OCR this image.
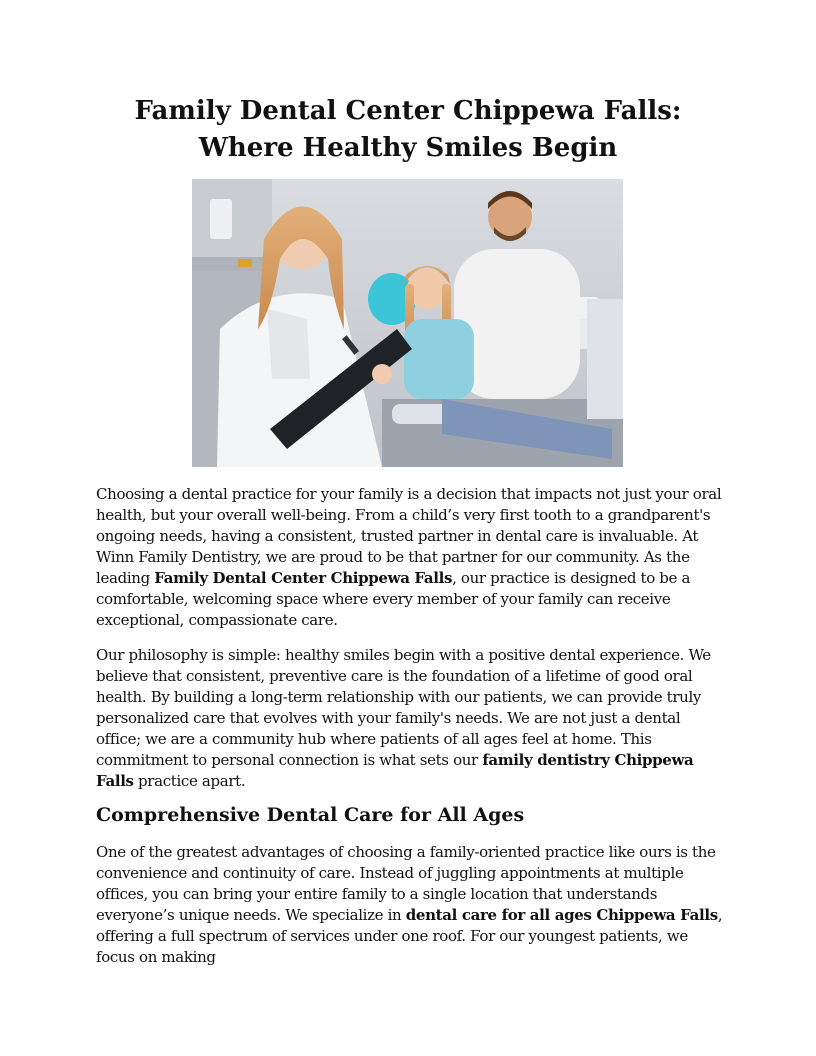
Family Dental Center Chippewa Falls: Where Healthy Smiles Begin

Choosing a dental practice for your family is a decision that impacts not just your oral health, but your overall well-being. From a child’s very first tooth to a grandparent's ongoing needs, having a consistent, trusted partner in dental care is invaluable. At Winn Family Dentistry, we are proud to be that partner for our community. As the leading Family Dental Center Chippewa Falls, our practice is designed to be a comfortable, welcoming space where every member of your family can receive exceptional, compassionate care.

Our philosophy is simple: healthy smiles begin with a positive dental experience. We believe that consistent, preventive care is the foundation of a lifetime of good oral health. By building a long-term relationship with our patients, we can provide truly personalized care that evolves with your family's needs. We are not just a dental office; we are a community hub where patients of all ages feel at home. This commitment to personal connection is what sets our family dentistry Chippewa Falls practice apart.

Comprehensive Dental Care for All Ages

One of the greatest advantages of choosing a family-oriented practice like ours is the convenience and continuity of care. Instead of juggling appointments at multiple offices, you can bring your entire family to a single location that understands everyone’s unique needs. We specialize in dental care for all ages Chippewa Falls, offering a full spectrum of services under one roof. For our youngest patients, we focus on making
